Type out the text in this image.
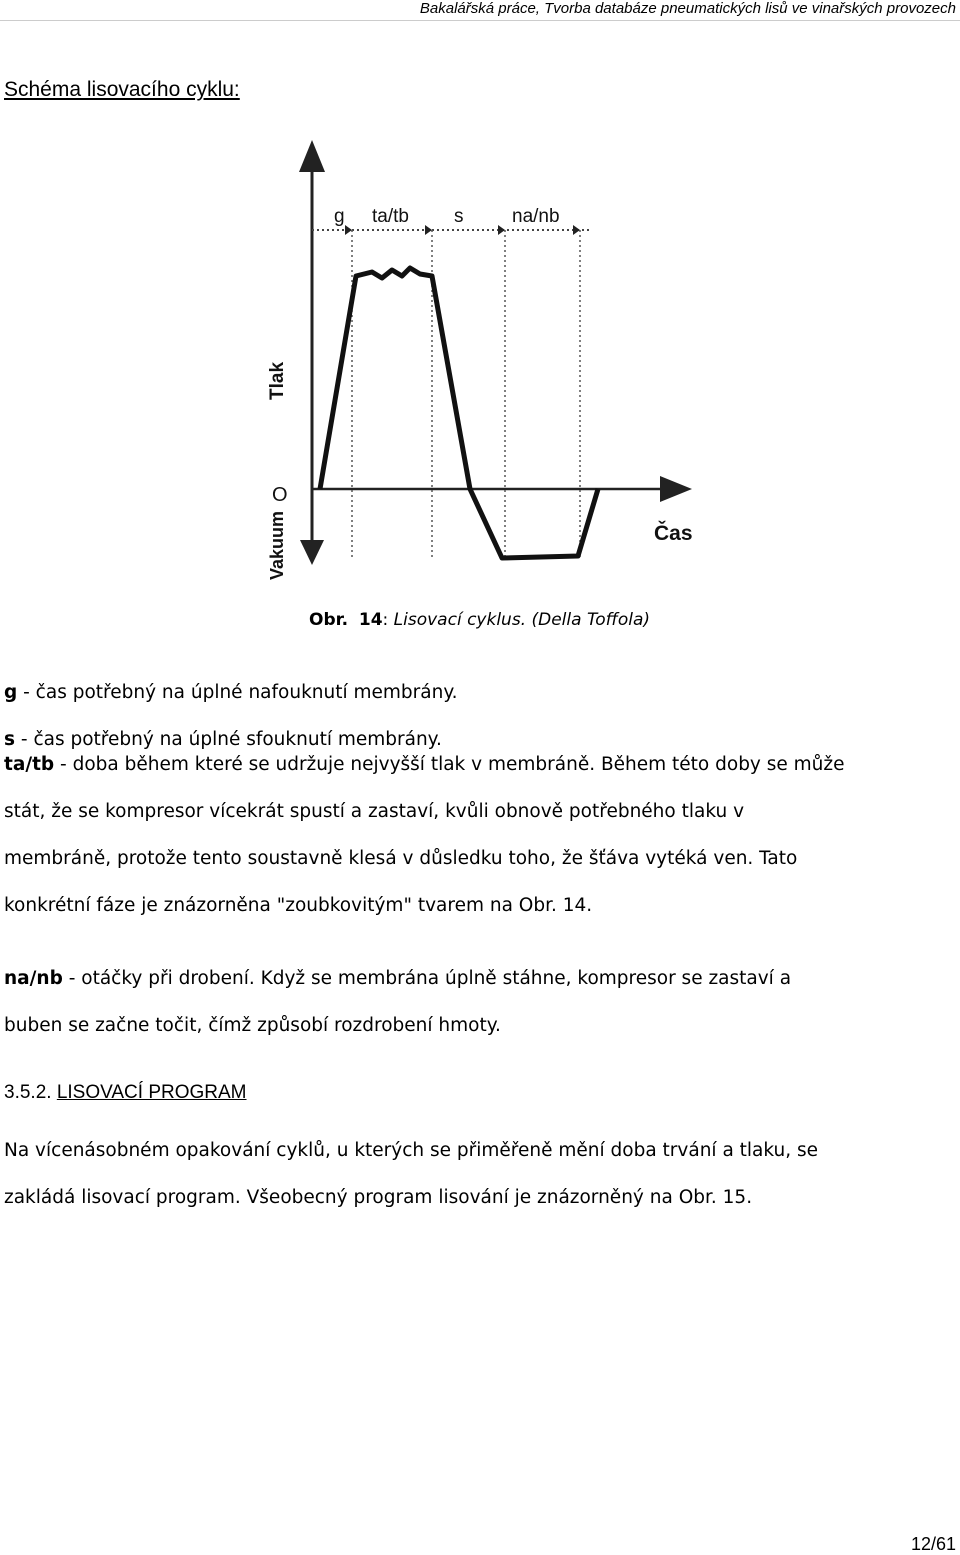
Bakalářská práce, Tvorba databáze pneumatických lisů ve vinařských provozech
Schéma lisovacího cyklu:
g ta/tb s	na/nb
Tlak
O
Vakuum	Čas
Obr. 14: Lisovací cyklus. (Della Toffola)
g - čas potřebný na úplné nafouknutí membrány.
s - čas potřebný na úplné sfouknutí membrány.
ta/tb - doba během které se udržuje nejvyšší tlak v membráně. Během této doby se může
stát, že se kompresor vícekrát spustí a zastaví, kvůli obnově potřebného tlaku v
membráně, protože tento soustavně klesá v důsledku toho, že šťáva vytéká ven. Tato
konkrétní fáze je znázorněna "zoubkovitým" tvarem na Obr. 14.
na/nb - otáčky při drobení. Když se membrána úplně stáhne, kompresor se zastaví a
buben se začne točit, čímž způsobí rozdrobení hmoty.
3.5.2. LISOVACÍ PROGRAM
Na vícenásobném opakování cyklů, u kterých se přiměřeně mění doba trvání a tlaku, se
zakládá lisovací program. Všeobecný program lisování je znázorněný na Obr. 15.
12/61
